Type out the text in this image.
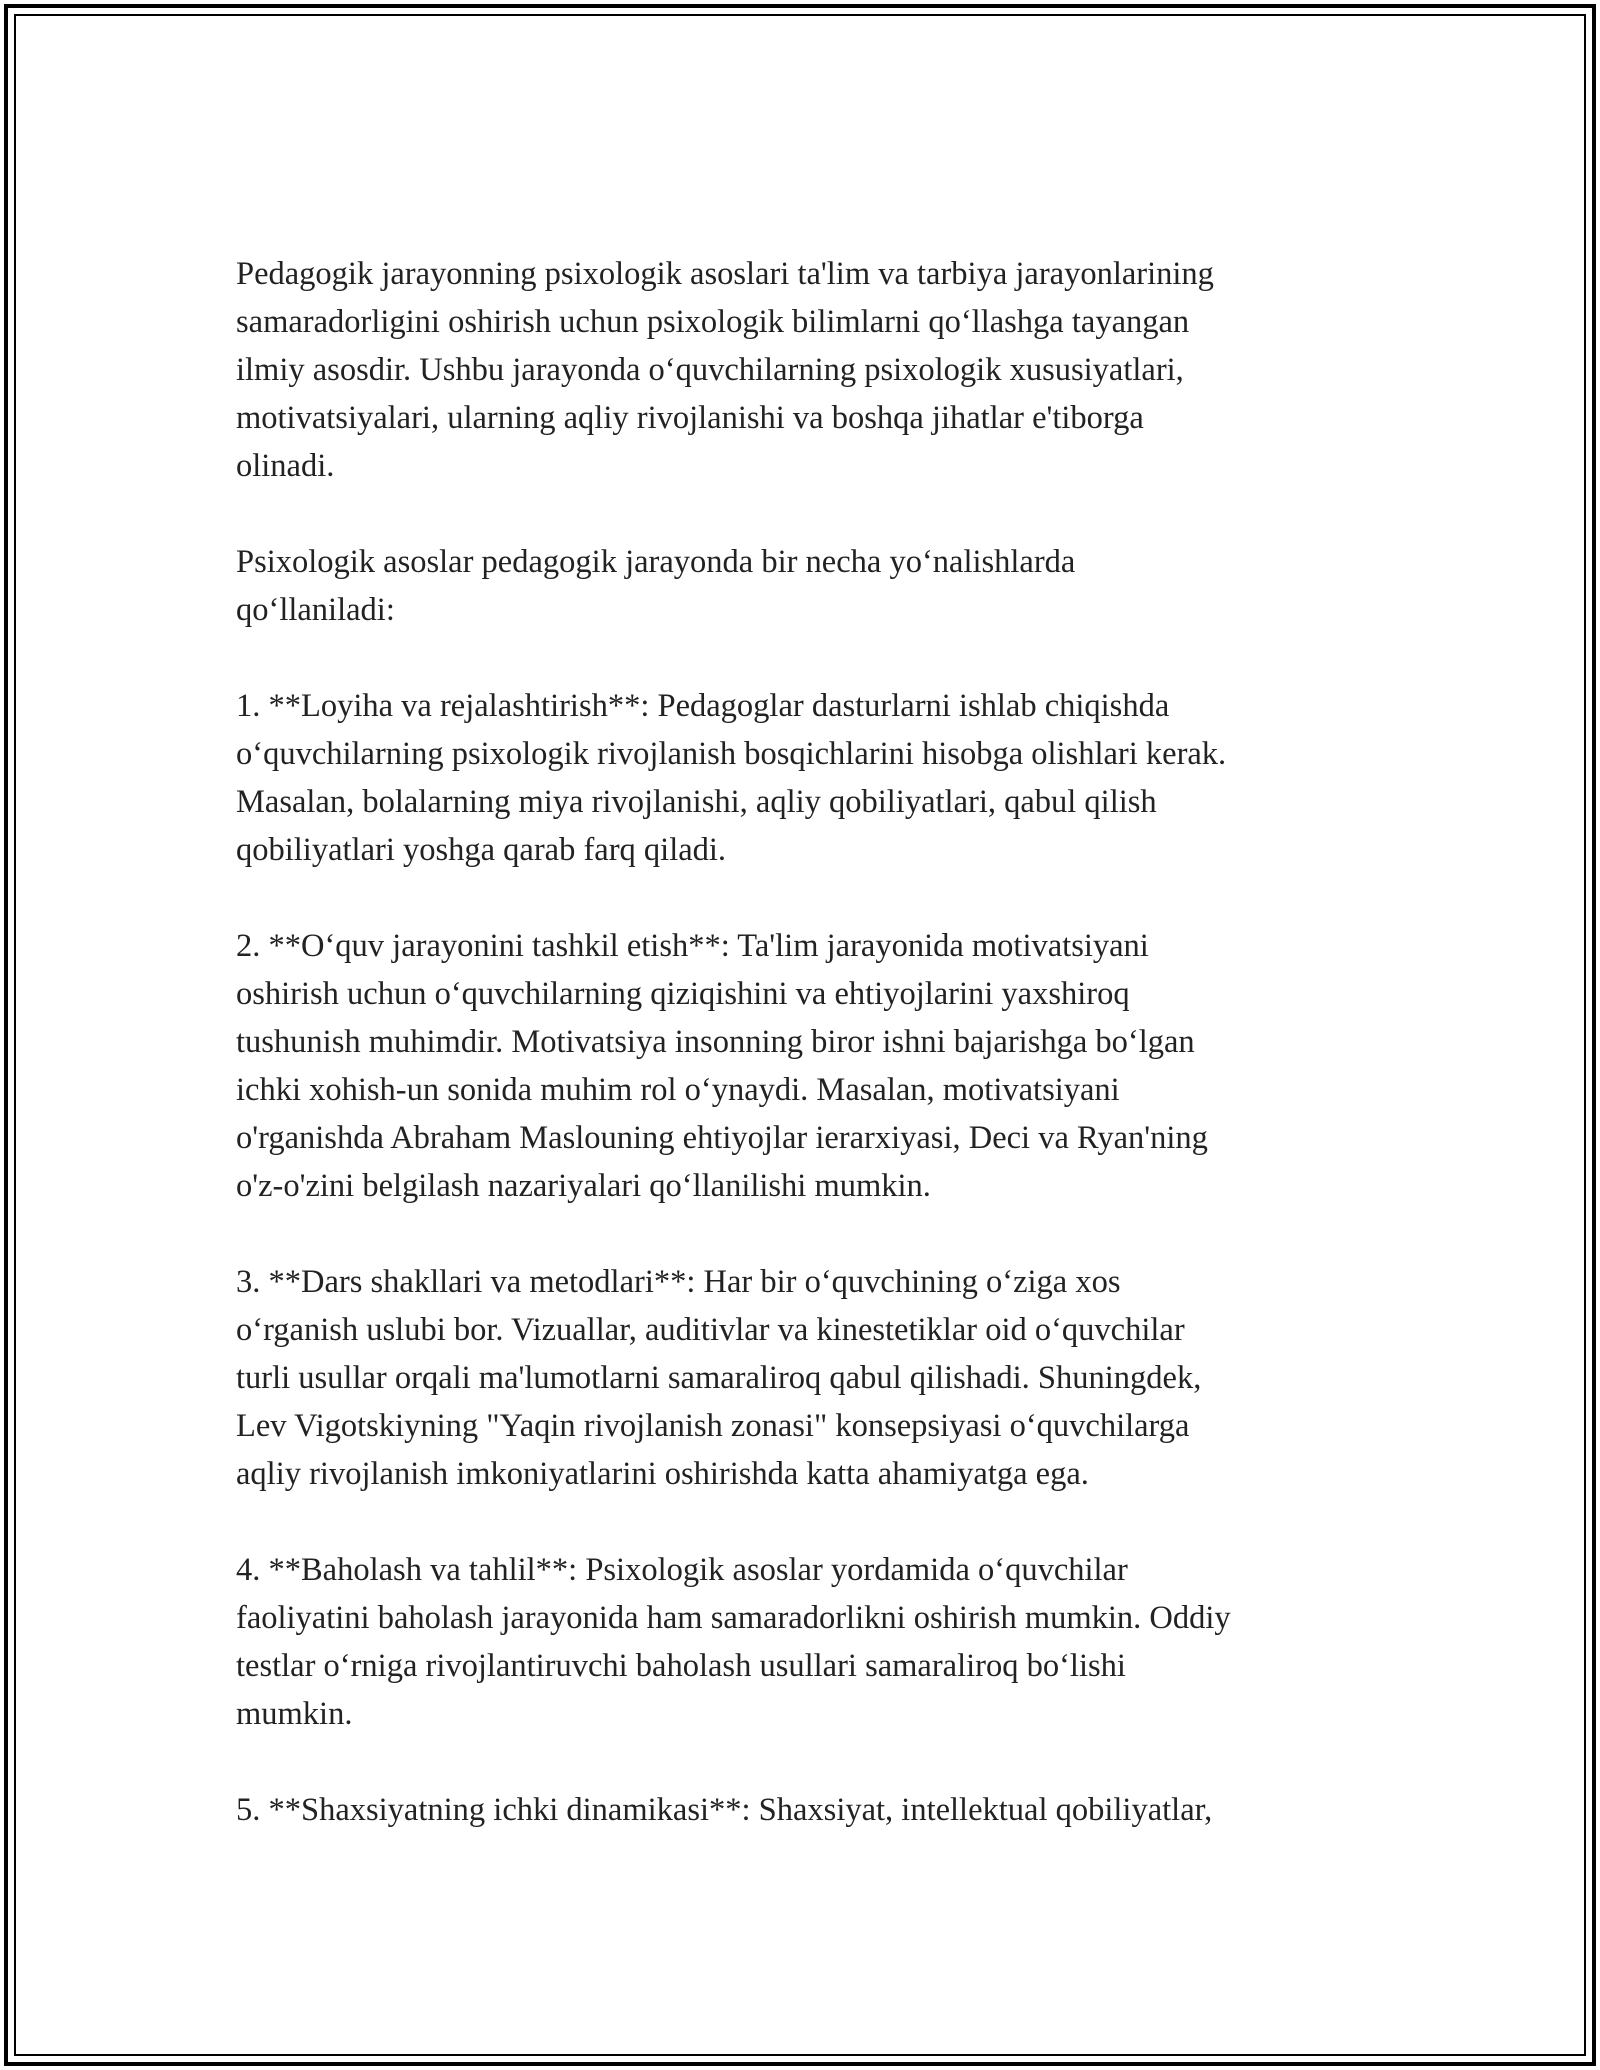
Pedagogik jarayonning psixologik asoslari ta'lim va tarbiya jarayonlarining
samaradorligini oshirish uchun psixologik bilimlarni qo‘llashga tayangan
ilmiy asosdir. Ushbu jarayonda o‘quvchilarning psixologik xususiyatlari,
motivatsiyalari, ularning aqliy rivojlanishi va boshqa jihatlar e'tiborga
olinadi.

Psixologik asoslar pedagogik jarayonda bir necha yo‘nalishlarda
qo‘llaniladi:

1. **Loyiha va rejalashtirish**: Pedagoglar dasturlarni ishlab chiqishda
o‘quvchilarning psixologik rivojlanish bosqichlarini hisobga olishlari kerak.
Masalan, bolalarning miya rivojlanishi, aqliy qobiliyatlari, qabul qilish
qobiliyatlari yoshga qarab farq qiladi.

2. **O‘quv jarayonini tashkil etish**: Ta'lim jarayonida motivatsiyani
oshirish uchun o‘quvchilarning qiziqishini va ehtiyojlarini yaxshiroq
tushunish muhimdir. Motivatsiya insonning biror ishni bajarishga bo‘lgan
ichki xohish-un sonida muhim rol o‘ynaydi. Masalan, motivatsiyani
o'rganishda Abraham Maslouning ehtiyojlar ierarxiyasi, Deci va Ryan'ning
o'z-o'zini belgilash nazariyalari qo‘llanilishi mumkin.

3. **Dars shakllari va metodlari**: Har bir o‘quvchining o‘ziga xos
o‘rganish uslubi bor. Vizuallar, auditivlar va kinestetiklar oid o‘quvchilar
turli usullar orqali ma'lumotlarni samaraliroq qabul qilishadi. Shuningdek,
Lev Vigotskiyning "Yaqin rivojlanish zonasi" konsepsiyasi o‘quvchilarga
aqliy rivojlanish imkoniyatlarini oshirishda katta ahamiyatga ega.

4. **Baholash va tahlil**: Psixologik asoslar yordamida o‘quvchilar
faoliyatini baholash jarayonida ham samaradorlikni oshirish mumkin. Oddiy
testlar o‘rniga rivojlantiruvchi baholash usullari samaraliroq bo‘lishi
mumkin.

5. **Shaxsiyatning ichki dinamikasi**: Shaxsiyat, intellektual qobiliyatlar,
